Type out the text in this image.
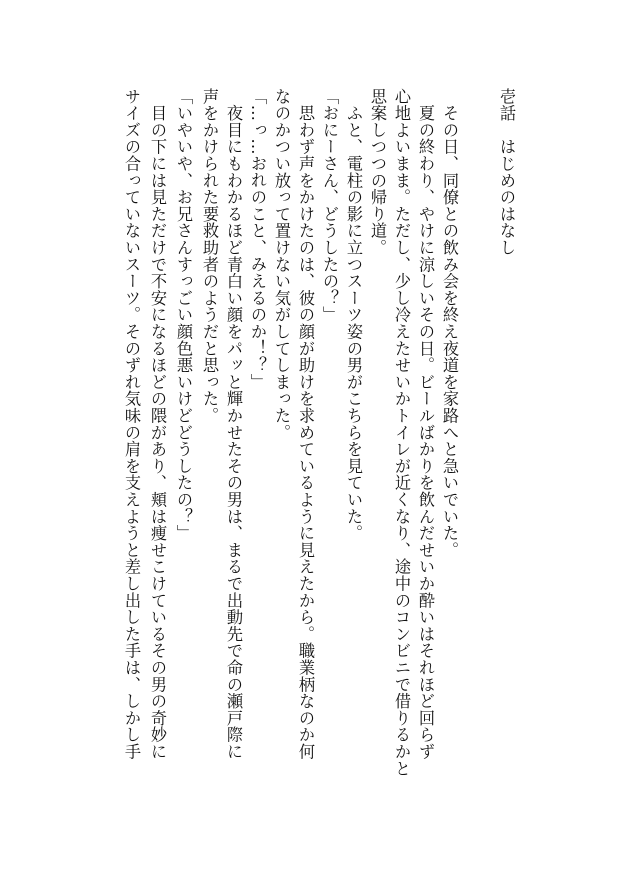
壱話　はじめのはなし
　その日、同僚との飲み会を終え夜道を家路へと急いでいた。
　夏の終わり、やけに涼しいその日。ビールばかりを飲んだせいか酔いはそれほど回らず
心地よいまま。ただし、少し冷えたせいかトイレが近くなり、途中のコンビニで借りるかと
思案しつつの帰り道。
　ふと、電柱の影に立つスーツ姿の男がこちらを見ていた。
「おにーさん、どうしたの？」
　思わず声をかけたのは、彼の顔が助けを求めているように見えたから。職業柄なのか何
なのかつい放って置けない気がしてしまった。
「…っ…おれのこと、みえるのか！？」
　夜目にもわかるほど青白い顔をパッと輝かせたその男は、まるで出動先で命の瀬戸際に
声をかけられた要救助者のようだと思った。
「いやいや、お兄さんすっごい顔色悪いけどどうしたの？」
　目の下には見ただけで不安になるほどの隈があり、頬は痩せこけているその男の奇妙に
サイズの合っていないスーツ。そのずれ気味の肩を支えようと差し出した手は、しかし手
